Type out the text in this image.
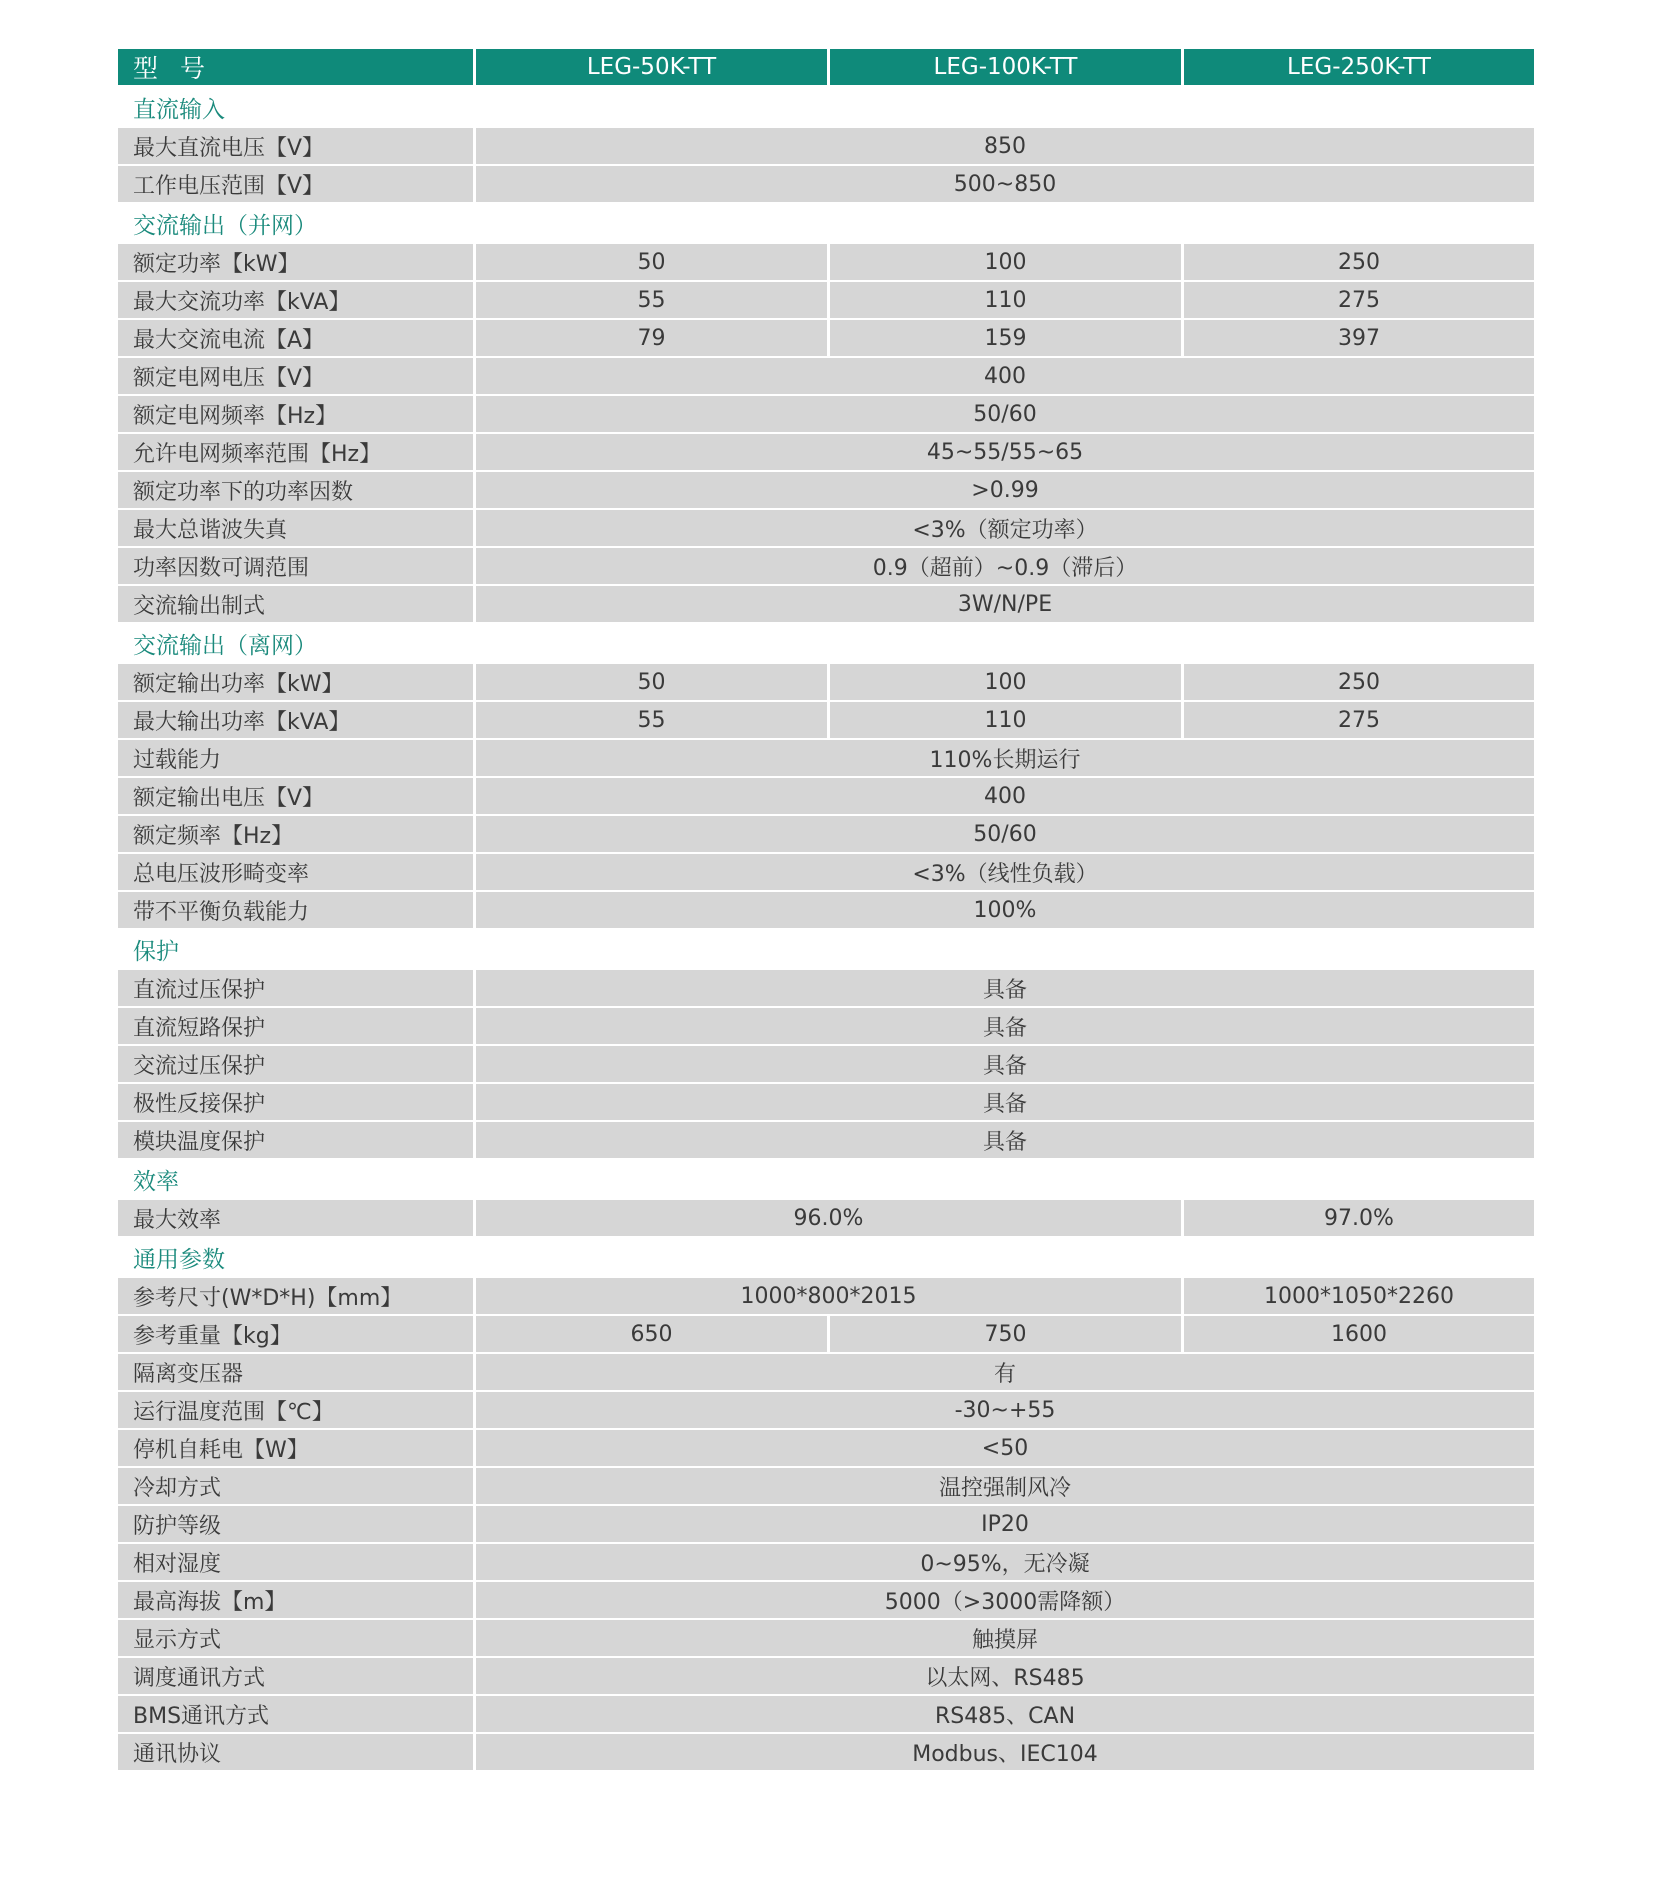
型号	LEG-50K-TT	LEG-100K-TT	LEG-250K-TT
直流输入			
最大直流电压【V】	850		
工作电压范围【V】	500~850		
交流输出（并网）			
额定功率【kW】	50	100	250
最大交流功率【kVA】	55	110	275
最大交流电流【A】	79	159	397
额定电网电压【V】	400		
额定电网频率【Hz】	50/60		
允许电网频率范围【Hz】	45~55/55~65		
额定功率下的功率因数	>0.99		
最大总谐波失真	<3%（额定功率）		
功率因数可调范围	0.9（超前）~0.9（滞后）		
交流输出制式	3W/N/PE		
交流输出（离网）			
额定输出功率【kW】	50	100	250
最大输出功率【kVA】	55	110	275
过载能力	110%长期运行		
额定输出电压【V】	400		
额定频率【Hz】	50/60		
总电压波形畸变率	<3%（线性负载）		
带不平衡负载能力	100%		
保护			
直流过压保护	具备		
直流短路保护	具备		
交流过压保护	具备		
极性反接保护	具备		
模块温度保护	具备		
效率			
最大效率	96.0%		97.0%
通用参数			
参考尺寸(W*D*H)【mm】	1000*800*2015		1000*1050*2260
参考重量【kg】	650	750	1600
隔离变压器	有		
运行温度范围【℃】	-30~+55		
停机自耗电【W】	<50		
冷却方式	温控强制风冷		
防护等级	IP20		
相对湿度	0~95%，无冷凝		
最高海拔【m】	5000（>3000需降额）		
显示方式	触摸屏		
调度通讯方式	以太网、RS485		
BMS通讯方式	RS485、CAN		
通讯协议	Modbus、IEC104		
